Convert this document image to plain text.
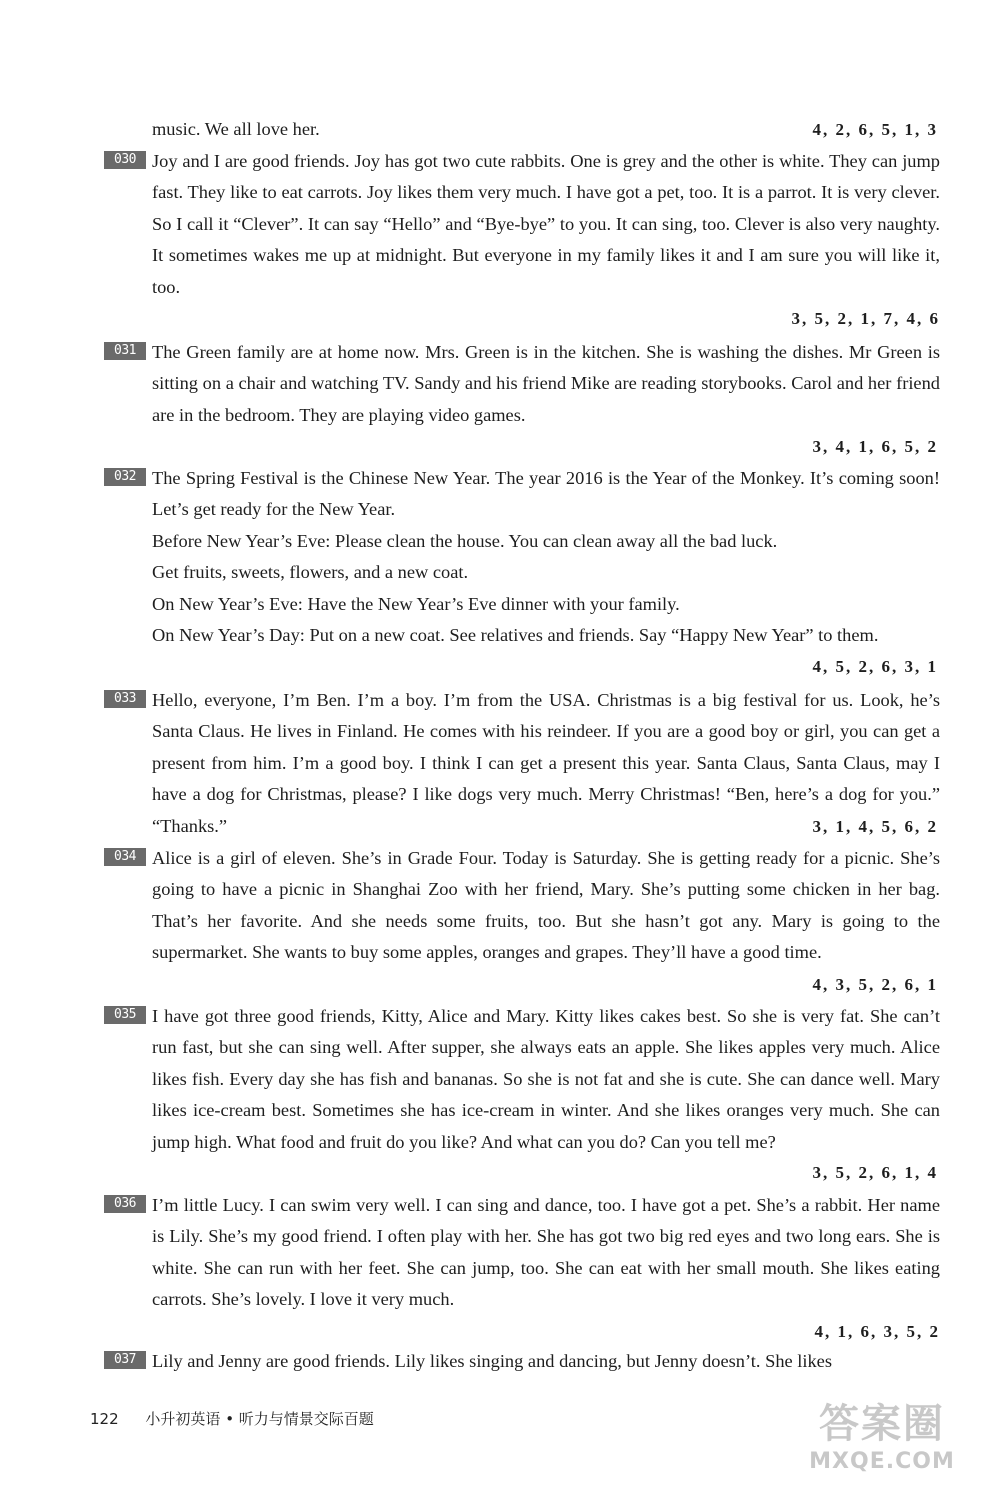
music. We all love her.	4, 2, 6, 5, 1, 3
030 Joy and I are good friends. Joy has got two cute rabbits. One is grey and the other is white. They can jump fast. They like to eat carrots. Joy likes them very much. I have got a pet, too. It is a parrot. It is very clever. So I call it “Clever”. It can say “Hello” and “Bye-bye” to you. It can sing, too. Clever is also very naughty. It sometimes wakes me up at midnight. But everyone in my family likes it and I am sure you will like it, too.

3, 5, 2, 1, 7, 4, 6
031 The Green family are at home now. Mrs. Green is in the kitchen. She is washing the dishes. Mr Green is sitting on a chair and watching TV. Sandy and his friend Mike are reading storybooks. Carol and her friend are in the bedroom. They are playing video games.

3, 4, 1, 6, 5, 2
032 The Spring Festival is the Chinese New Year. The year 2016 is the Year of the Monkey. It’s coming soon! Let’s get ready for the New Year.

Before New Year’s Eve: Please clean the house. You can clean away all the bad luck.

Get fruits, sweets, flowers, and a new coat.

On New Year’s Eve: Have the New Year’s Eve dinner with your family.

On New Year’s Day: Put on a new coat. See relatives and friends. Say “Happy New Year” to them.

4, 5, 2, 6, 3, 1
033 Hello, everyone, I’m Ben. I’m a boy. I’m from the USA. Christmas is a big festival for us. Look, he’s Santa Claus. He lives in Finland. He comes with his reindeer. If you are a good boy or girl, you can get a present from him. I’m a good boy. I think I can get a present this year. Santa Claus, Santa Claus, may I have a dog for Christmas, please? I like dogs very much. Merry Christmas! “Ben, here’s a dog for you.” “Thanks.”	3, 1, 4, 5, 6, 2
034 Alice is a girl of eleven. She’s in Grade Four. Today is Saturday. She is getting ready for a picnic. She’s going to have a picnic in Shanghai Zoo with her friend, Mary. She’s putting some chicken in her bag. That’s her favorite. And she needs some fruits, too. But she hasn’t got any. Mary is going to the supermarket. She wants to buy some apples, oranges and grapes. They’ll have a good time.

4, 3, 5, 2, 6, 1
035 I have got three good friends, Kitty, Alice and Mary. Kitty likes cakes best. So she is very fat. She can’t run fast, but she can sing well. After supper, she always eats an apple. She likes apples very much. Alice likes fish. Every day she has fish and bananas. So she is not fat and she is cute. She can dance well. Mary likes ice-cream best. Sometimes she has ice-cream in winter. And she likes oranges very much. She can jump high. What food and fruit do you like? And what can you do? Can you tell me?

3, 5, 2, 6, 1, 4
036 I’m little Lucy. I can swim very well. I can sing and dance, too. I have got a pet. She’s a rabbit. Her name is Lily. She’s my good friend. I often play with her. She has got two big red eyes and two long ears. She is white. She can run with her feet. She can jump, too. She can eat with her small mouth. She likes eating carrots. She’s lovely. I love it very much.

4, 1, 6, 3, 5, 2
037 Lily and Jenny are good friends. Lily likes singing and dancing, but Jenny doesn’t. She likes

122 小升初英语 • 听力与情景交际百题	答案圈
MXQE.COM
